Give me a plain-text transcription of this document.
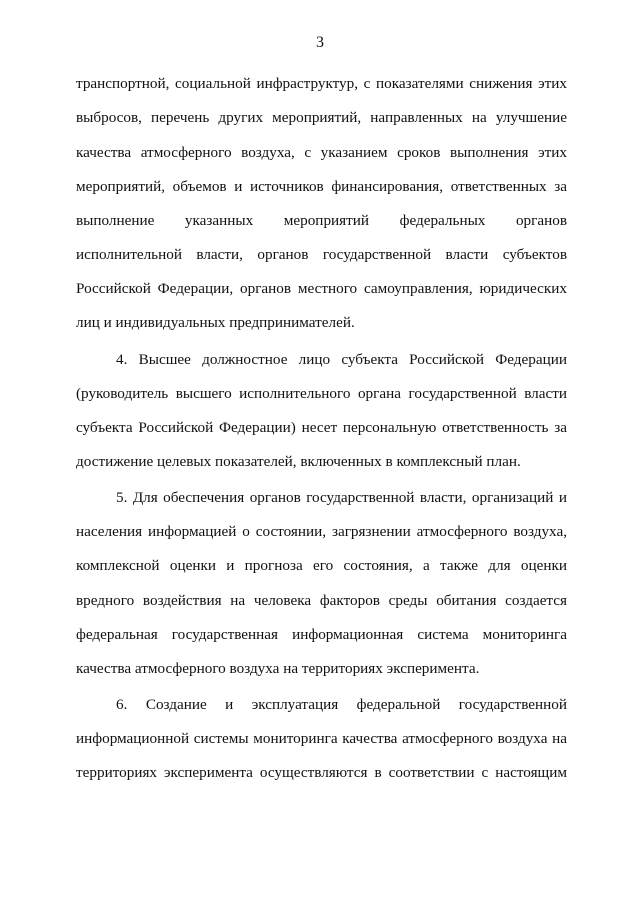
3
транспортной, социальной инфраструктур, с показателями снижения этих
выбросов, перечень других мероприятий, направленных на улучшение
качества атмосферного воздуха, с указанием сроков выполнения этих
мероприятий, объемов и источников финансирования, ответственных за
выполнение указанных мероприятий федеральных органов
исполнительной власти, органов государственной власти субъектов
Российской Федерации, органов местного самоуправления, юридических
лиц и индивидуальных предпринимателей.
4. Высшее должностное лицо субъекта Российской Федерации
(руководитель высшего исполнительного органа государственной власти
субъекта Российской Федерации) несет персональную ответственность за
достижение целевых показателей, включенных в комплексный план.
5. Для обеспечения органов государственной власти, организаций и
населения информацией о состоянии, загрязнении атмосферного воздуха,
комплексной оценки и прогноза его состояния, а также для оценки
вредного воздействия на человека факторов среды обитания создается
федеральная государственная информационная система мониторинга
качества атмосферного воздуха на территориях эксперимента.
6. Создание и эксплуатация федеральной государственной
информационной системы мониторинга качества атмосферного воздуха на
территориях эксперимента осуществляются в соответствии с настоящим
